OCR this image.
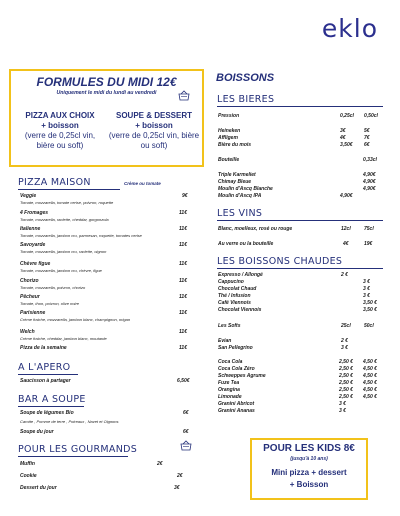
eklo
FORMULES DU MIDI 12€
Uniquement le midi du lundi au vendredi
PIZZA AUX CHOIX
+ boisson
(verre de 0,25cl vin,
bière ou soft)
SOUPE & DESSERT
+ boisson
(verre de 0,25cl vin, bière
ou soft)
PIZZA MAISON	Crème ou tomate
Veggie	9€
Tomate, mozzarella, tomate cerise, poivron, roquette
4 Fromages	11€
Tomate, mozzarella, raclette, cheddar, gorgonzola
Italienne	11€
Tomate, mozzarella, jambon cru, parmesan, roquette, tomates cerise
Savoyarde	11€
Tomate, mozzarella, jambon cru, raclette, oignon
Chèvre figue	11€
Tomate, mozzarella, jambon cru, chèvre, figue
Chorizo	11€
Tomate, mozzarella, poivron, chorizo
Pêcheur	11€
Tomate, thon, poivron, olive noire
Parisienne	11€
Crème fraiche, mozzarella, jambon blanc, champignon, origan
Welch	11€
Crème fraiche, cheddar, jambon blanc, moutarde
Pizza de la semaine	11€
A L'APERO
Saucisson à partager	6,50€
BAR A SOUPE
Soupe de légumes Bio	6€
Carotte , Pomme de terre , Poireaux , Navet et Oignons
Soupe du jour	6€
POUR LES GOURMANDS
Muffin	2€
Cookie	2€
Dessert du jour	3€
BOISSONS
LES BIERES
Pression	0,25cl 0,50cl
Heineken	3€	5€
Affligem	4€	7€
Bière du mois	3,50€ 6€
Bouteille	0,33cl
Triple Karmeliet	4,90€
Chimay Bleue	4,90€
Moulin d'Ascq Blanche	4,90€
Moulin d'Ascq IPA	4,90€
LES VINS
Blanc, moelleux, rosé ou rouge	12cl	75cl
Au verre ou la bouteille	4€	19€
LES BOISSONS CHAUDES
Expresso / Allongé	2 €
Cappucino	3 €
Chocolat Chaud	3 €
Thé / Infusion	3 €
Café Viennois	3,50 €
Chocolat Viennois	3,50 €
Les Softs	25cl	50cl
Evian	2 €
San Pellegrino	3 €
Coca Cola	2,50 € 4,50 €
Coca Cola Zéro	2,50 € 4,50 €
Schweppes Agrume	2,50 € 4,50 €
Fuze Tea	2,50 € 4,50 €
Orangina	2,50 € 4,50 €
Limonade	2,50 € 4,50 €
Granini Abricot	3 €
Granini Ananas	3 €
POUR LES KIDS 8€
(jusqu'à 10 ans)
Mini pizza + dessert
+ Boisson
